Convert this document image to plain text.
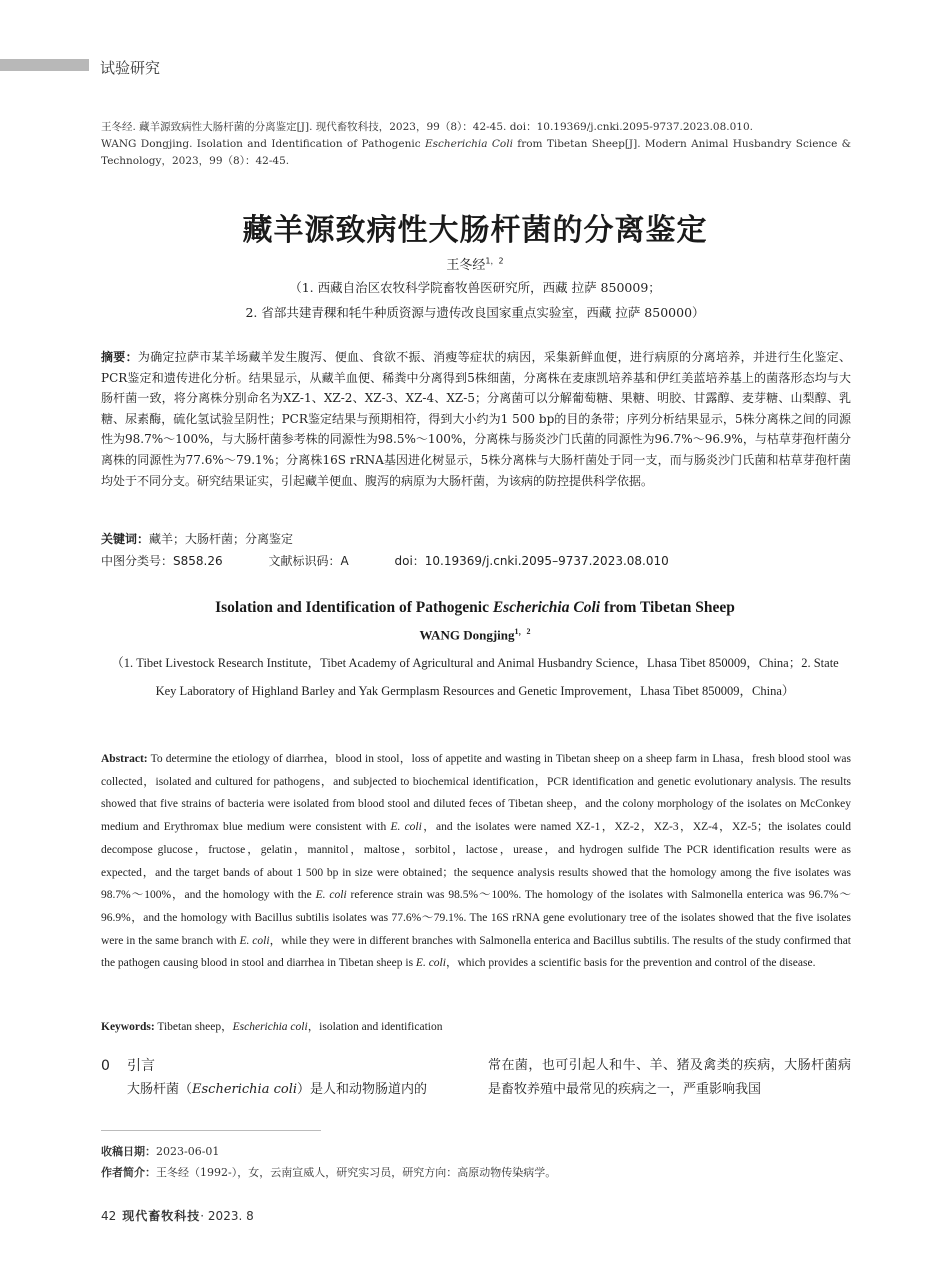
试验研究
王冬经. 藏羊源致病性大肠杆菌的分离鉴定[J]. 现代畜牧科技，2023，99（8）：42-45. doi：10.19369/j.cnki.2095-9737.2023.08.010.
WANG Dongjing. Isolation and Identification of Pathogenic Escherichia Coli from Tibetan Sheep[J]. Modern Animal Husbandry Science & Technology，2023，99（8）：42-45.
藏羊源致病性大肠杆菌的分离鉴定
王冬经$^{1,2}$
（1. 西藏自治区农牧科学院畜牧兽医研究所，西藏 拉萨 850009；
2. 省部共建青稞和牦牛种质资源与遗传改良国家重点实验室，西藏 拉萨 850000）
摘要：为确定拉萨市某羊场藏羊发生腹泻、便血、食欲不振、消瘦等症状的病因，采集新鲜血便，进行病原的分离培养，并进行生化鉴定、PCR鉴定和遗传进化分析。结果显示，从藏羊血便、稀粪中分离得到5株细菌，分离株在麦康凯培养基和伊红美蓝培养基上的菌落形态均与大肠杆菌一致，将分离株分别命名为XZ-1、XZ-2、XZ-3、XZ-4、XZ-5；分离菌可以分解葡萄糖、果糖、明胶、甘露醇、麦芽糖、山梨醇、乳糖、尿素酶，硫化氢试验呈阴性；PCR鉴定结果与预期相符，得到大小约为1 500 bp的目的条带；序列分析结果显示，5株分离株之间的同源性为98.7%～100%，与大肠杆菌参考株的同源性为98.5%～100%，分离株与肠炎沙门氏菌的同源性为96.7%～96.9%，与枯草芽孢杆菌分离株的同源性为77.6%～79.1%；分离株16S rRNA基因进化树显示，5株分离株与大肠杆菌处于同一支，而与肠炎沙门氏菌和枯草芽孢杆菌均处于不同分支。研究结果证实，引起藏羊便血、腹泻的病原为大肠杆菌，为该病的防控提供科学依据。
关键词：藏羊；大肠杆菌；分离鉴定
中图分类号：S858.26	文献标识码：A	doi：10.19369/j.cnki.2095–9737.2023.08.010
Isolation and Identification of Pathogenic Escherichia Coli from Tibetan Sheep
WANG Dongjing$^{1,2}$
（1. Tibet Livestock Research Institute，Tibet Academy of Agricultural and Animal Husbandry Science，Lhasa Tibet 850009，China；2. State Key Laboratory of Highland Barley and Yak Germplasm Resources and Genetic Improvement，Lhasa Tibet 850009，China）
Abstract: To determine the etiology of diarrhea，blood in stool，loss of appetite and wasting in Tibetan sheep on a sheep farm in Lhasa，fresh blood stool was collected，isolated and cultured for pathogens，and subjected to biochemical identification，PCR identification and genetic evolutionary analysis. The results showed that five strains of bacteria were isolated from blood stool and diluted feces of Tibetan sheep，and the colony morphology of the isolates on McConkey medium and Erythromax blue medium were consistent with E. coli，and the isolates were named XZ-1，XZ-2，XZ-3，XZ-4，XZ-5；the isolates could decompose glucose，fructose，gelatin，mannitol，maltose，sorbitol，lactose，urease，and hydrogen sulfide The PCR identification results were as expected，and the target bands of about 1 500 bp in size were obtained；the sequence analysis results showed that the homology among the five isolates was 98.7%～100%，and the homology with the E. coli reference strain was 98.5%～100%. The homology of the isolates with Salmonella enterica was 96.7%～96.9%，and the homology with Bacillus subtilis isolates was 77.6%～79.1%. The 16S rRNA gene evolutionary tree of the isolates showed that the five isolates were in the same branch with E. coli，while they were in different branches with Salmonella enterica and Bacillus subtilis. The results of the study confirmed that the pathogen causing blood in stool and diarrhea in Tibetan sheep is E. coli，which provides a scientific basis for the prevention and control of the disease.
Keywords: Tibetan sheep，Escherichia coli，isolation and identification
0 引言
大肠杆菌（Escherichia coli）是人和动物肠道内的
常在菌，也可引起人和牛、羊、猪及禽类的疾病，大肠杆菌病是畜牧养殖中最常见的疾病之一，严重影响我国
收稿日期：2023-06-01
作者简介：王冬经（1992-），女，云南宣威人，研究实习员，研究方向：高原动物传染病学。
42 现代畜牧科技· 2023. 8
